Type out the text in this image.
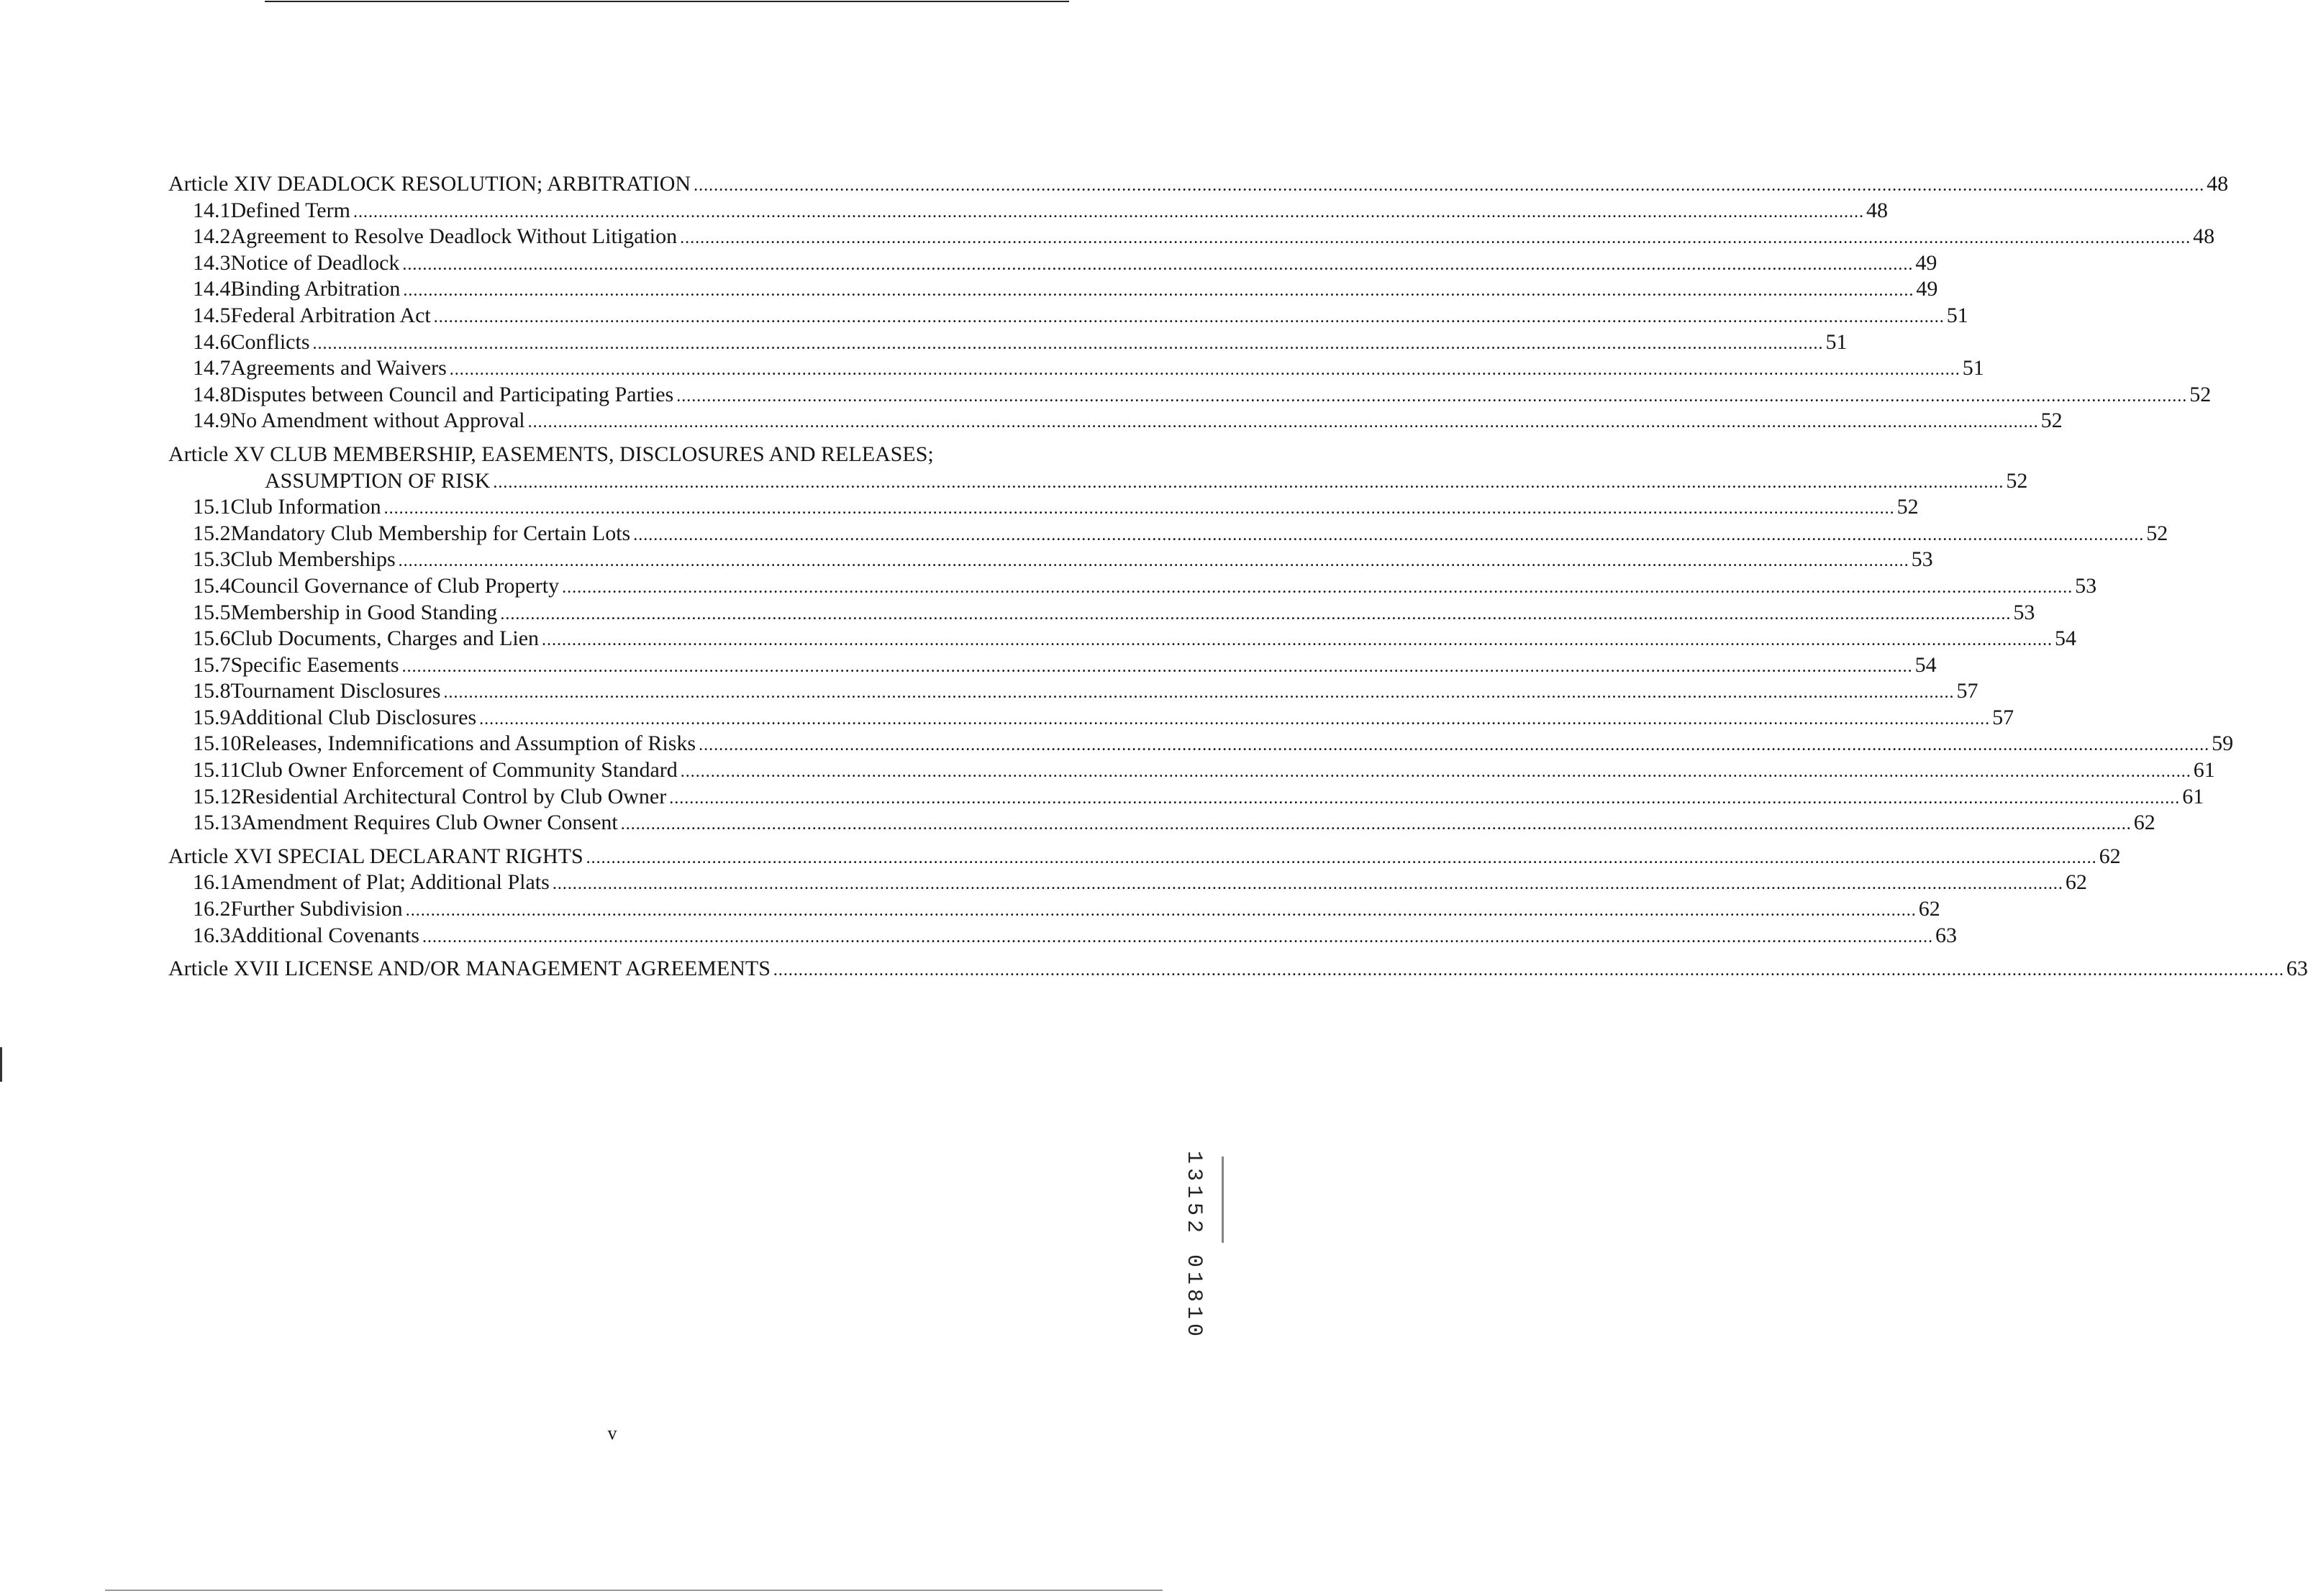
Article XIV DEADLOCK RESOLUTION; ARBITRATION ............................................................................................................................................................................................................................................................................................................ 48
14.1 Defined Term ............................................................................................................................................................................................................................................................................................................ 48
14.2 Agreement to Resolve Deadlock Without Litigation ............................................................................................................................................................................................................................................................................................................ 48
14.3 Notice of Deadlock ............................................................................................................................................................................................................................................................................................................ 49
14.4 Binding Arbitration ............................................................................................................................................................................................................................................................................................................ 49
14.5 Federal Arbitration Act ............................................................................................................................................................................................................................................................................................................ 51
14.6 Conflicts ............................................................................................................................................................................................................................................................................................................ 51
14.7 Agreements and Waivers ............................................................................................................................................................................................................................................................................................................ 51
14.8 Disputes between Council and Participating Parties ............................................................................................................................................................................................................................................................................................................ 52
14.9 No Amendment without Approval ............................................................................................................................................................................................................................................................................................................ 52
Article XV CLUB MEMBERSHIP, EASEMENTS, DISCLOSURES AND RELEASES;
ASSUMPTION OF RISK ............................................................................................................................................................................................................................................................................................................ 52
15.1 Club Information ............................................................................................................................................................................................................................................................................................................ 52
15.2 Mandatory Club Membership for Certain Lots ............................................................................................................................................................................................................................................................................................................ 52
15.3 Club Memberships ............................................................................................................................................................................................................................................................................................................ 53
15.4 Council Governance of Club Property ............................................................................................................................................................................................................................................................................................................ 53
15.5 Membership in Good Standing ............................................................................................................................................................................................................................................................................................................ 53
15.6 Club Documents, Charges and Lien ............................................................................................................................................................................................................................................................................................................ 54
15.7 Specific Easements ............................................................................................................................................................................................................................................................................................................ 54
15.8 Tournament Disclosures ............................................................................................................................................................................................................................................................................................................ 57
15.9 Additional Club Disclosures ............................................................................................................................................................................................................................................................................................................ 57
15.10 Releases, Indemnifications and Assumption of Risks ............................................................................................................................................................................................................................................................................................................ 59
15.11 Club Owner Enforcement of Community Standard ............................................................................................................................................................................................................................................................................................................ 61
15.12 Residential Architectural Control by Club Owner ............................................................................................................................................................................................................................................................................................................ 61
15.13 Amendment Requires Club Owner Consent ............................................................................................................................................................................................................................................................................................................ 62
Article XVI SPECIAL DECLARANT RIGHTS ............................................................................................................................................................................................................................................................................................................ 62
16.1 Amendment of Plat; Additional Plats ............................................................................................................................................................................................................................................................................................................ 62
16.2 Further Subdivision ............................................................................................................................................................................................................................................................................................................ 62
16.3 Additional Covenants ............................................................................................................................................................................................................................................................................................................ 63
Article XVII LICENSE AND/OR MANAGEMENT AGREEMENTS ............................................................................................................................................................................................................................................................................................................ 63
v
13152 01810
